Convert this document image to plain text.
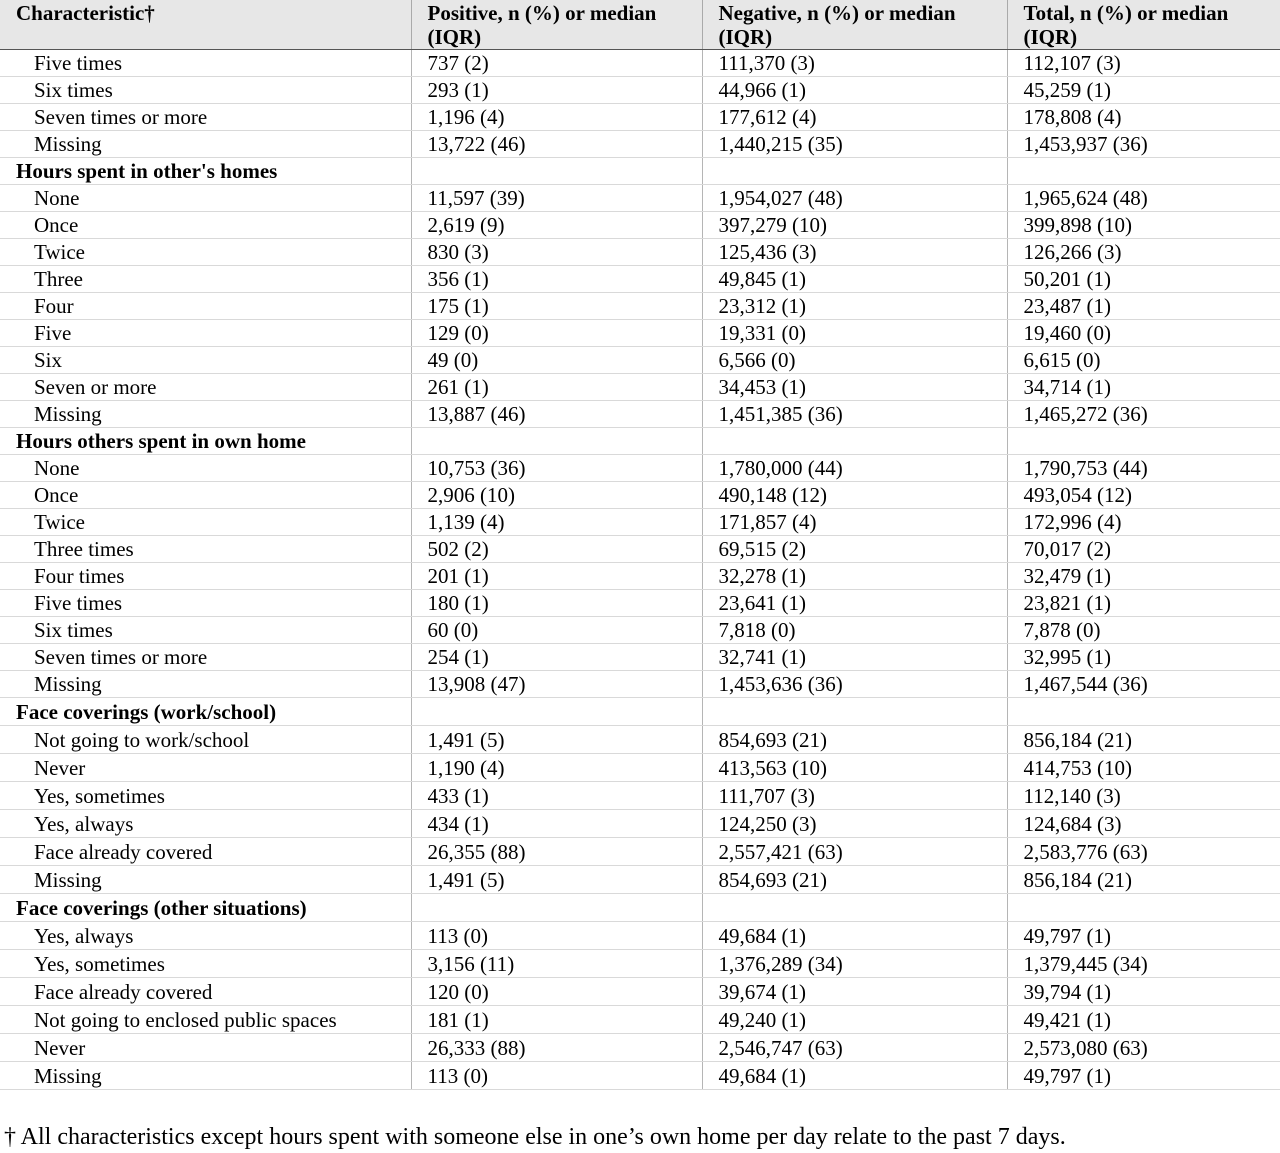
Characteristic†	Positive, n (%) or median (IQR)	Negative, n (%) or median (IQR)	Total, n (%) or median (IQR)
Five times	737 (2)	111,370 (3)	112,107 (3)
Six times	293 (1)	44,966 (1)	45,259 (1)
Seven times or more	1,196 (4)	177,612 (4)	178,808 (4)
Missing	13,722 (46)	1,440,215 (35)	1,453,937 (36)
Hours spent in other's homes			
None	11,597 (39)	1,954,027 (48)	1,965,624 (48)
Once	2,619 (9)	397,279 (10)	399,898 (10)
Twice	830 (3)	125,436 (3)	126,266 (3)
Three	356 (1)	49,845 (1)	50,201 (1)
Four	175 (1)	23,312 (1)	23,487 (1)
Five	129 (0)	19,331 (0)	19,460 (0)
Six	49 (0)	6,566 (0)	6,615 (0)
Seven or more	261 (1)	34,453 (1)	34,714 (1)
Missing	13,887 (46)	1,451,385 (36)	1,465,272 (36)
Hours others spent in own home			
None	10,753 (36)	1,780,000 (44)	1,790,753 (44)
Once	2,906 (10)	490,148 (12)	493,054 (12)
Twice	1,139 (4)	171,857 (4)	172,996 (4)
Three times	502 (2)	69,515 (2)	70,017 (2)
Four times	201 (1)	32,278 (1)	32,479 (1)
Five times	180 (1)	23,641 (1)	23,821 (1)
Six times	60 (0)	7,818 (0)	7,878 (0)
Seven times or more	254 (1)	32,741 (1)	32,995 (1)
Missing	13,908 (47)	1,453,636 (36)	1,467,544 (36)
Face coverings (work/school)			
Not going to work/school	1,491 (5)	854,693 (21)	856,184 (21)
Never	1,190 (4)	413,563 (10)	414,753 (10)
Yes, sometimes	433 (1)	111,707 (3)	112,140 (3)
Yes, always	434 (1)	124,250 (3)	124,684 (3)
Face already covered	26,355 (88)	2,557,421 (63)	2,583,776 (63)
Missing	1,491 (5)	854,693 (21)	856,184 (21)
Face coverings (other situations)			
Yes, always	113 (0)	49,684 (1)	49,797 (1)
Yes, sometimes	3,156 (11)	1,376,289 (34)	1,379,445 (34)
Face already covered	120 (0)	39,674 (1)	39,794 (1)
Not going to enclosed public spaces	181 (1)	49,240 (1)	49,421 (1)
Never	26,333 (88)	2,546,747 (63)	2,573,080 (63)
Missing	113 (0)	49,684 (1)	49,797 (1)
† All characteristics except hours spent with someone else in one’s own home per day relate to the past 7 days.
